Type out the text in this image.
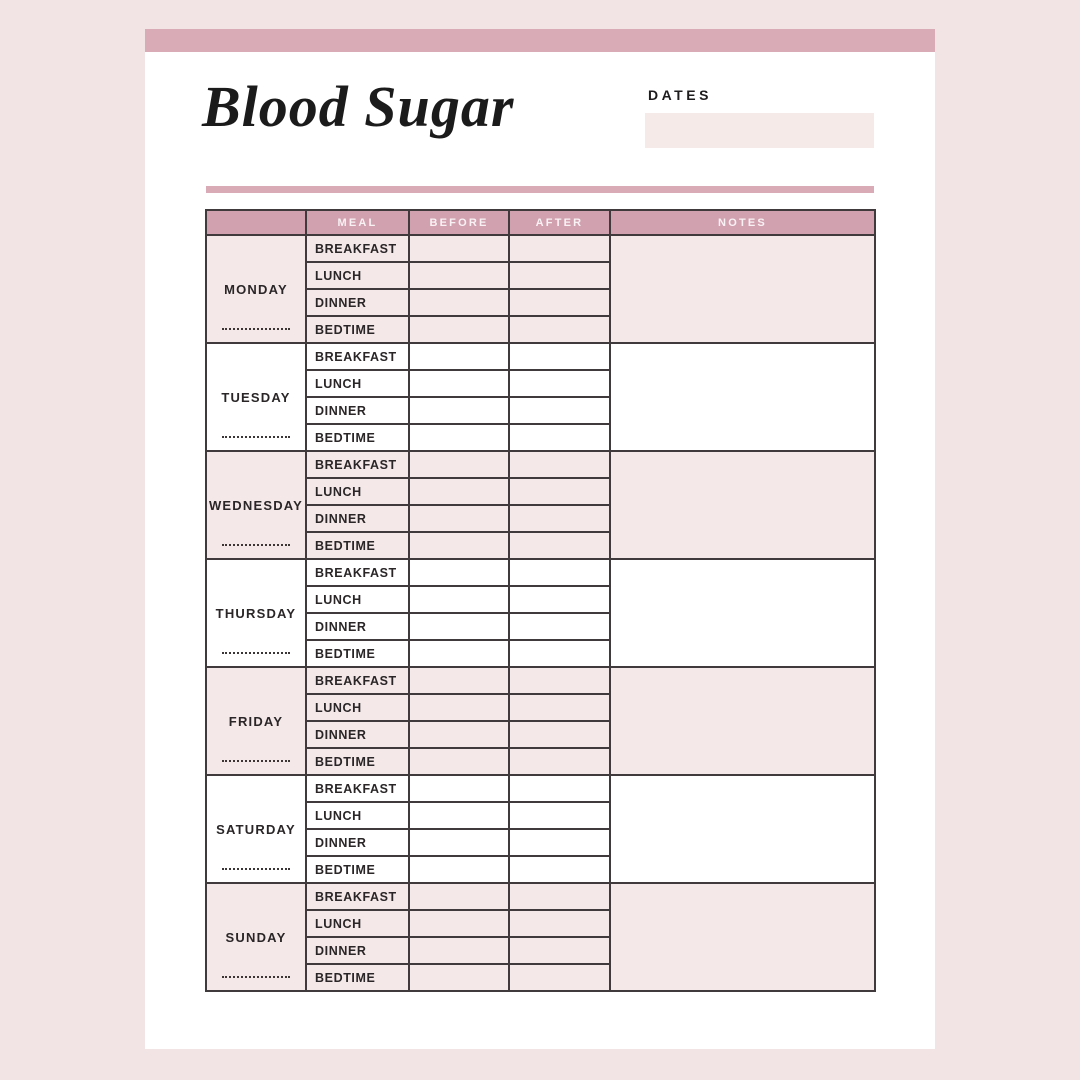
Blood Sugar	DATES
	MEAL	BEFORE	AFTER	NOTES
MONDAY	BREAKFAST			
	LUNCH			
	DINNER			
	BEDTIME			
TUESDAY	BREAKFAST			
	LUNCH			
	DINNER			
	BEDTIME			
WEDNESDAY	BREAKFAST			
	LUNCH			
	DINNER			
	BEDTIME			
THURSDAY	BREAKFAST			
	LUNCH			
	DINNER			
	BEDTIME			
FRIDAY	BREAKFAST			
	LUNCH			
	DINNER			
	BEDTIME			
SATURDAY	BREAKFAST			
	LUNCH			
	DINNER			
	BEDTIME			
SUNDAY	BREAKFAST			
	LUNCH			
	DINNER			
	BEDTIME			
